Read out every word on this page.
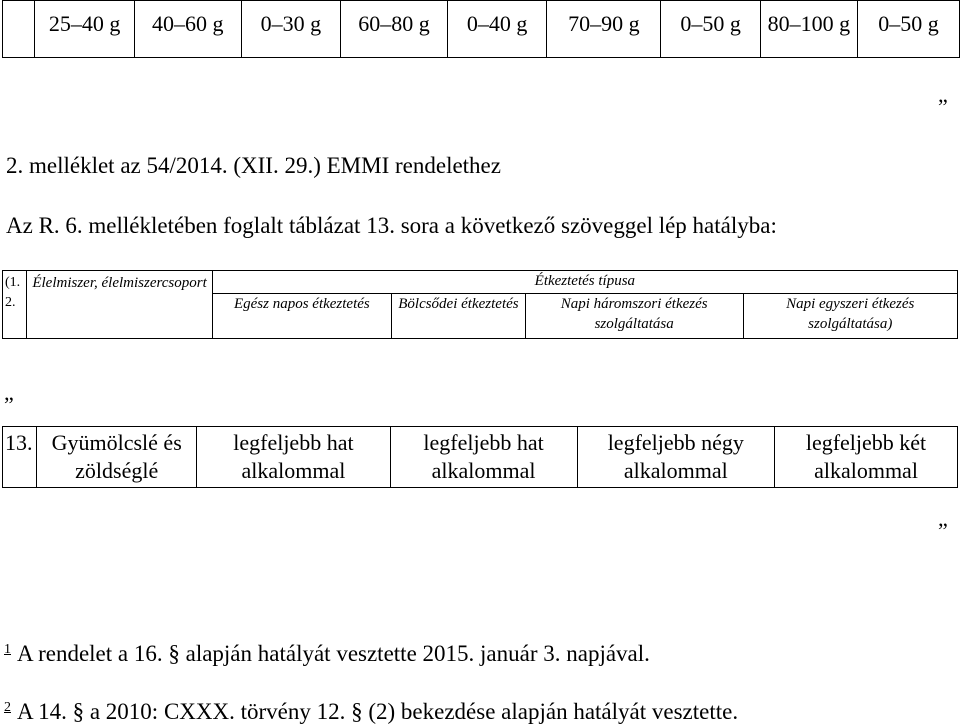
	25–40 g	40–60 g	0–30 g	60–80 g	0–40 g	70–90 g	0–50 g	80–100 g	0–50 g
”
2. melléklet az 54/2014. (XII. 29.) EMMI rendelethez
Az R. 6. mellékletében foglalt táblázat 13. sora a következő szöveggel lép hatályba:
(1. 2.	Élelmiszer, élelmiszercsoport	Étkeztetés típusa			
		Egész napos étkeztetés	Bölcsődei étkeztetés	Napi háromszori étkezés szolgáltatása	Napi egyszeri étkezés szolgáltatása)
„
13.	Gyümölcslé és zöldséglé	legfeljebb hat alkalommal	legfeljebb hat alkalommal	legfeljebb négy alkalommal	legfeljebb két alkalommal
”
$^1$ A rendelet a 16. § alapján hatályát vesztette 2015. január 3. napjával.
$^2$ A 14. § a 2010: CXXX. törvény 12. § (2) bekezdése alapján hatályát vesztette.
